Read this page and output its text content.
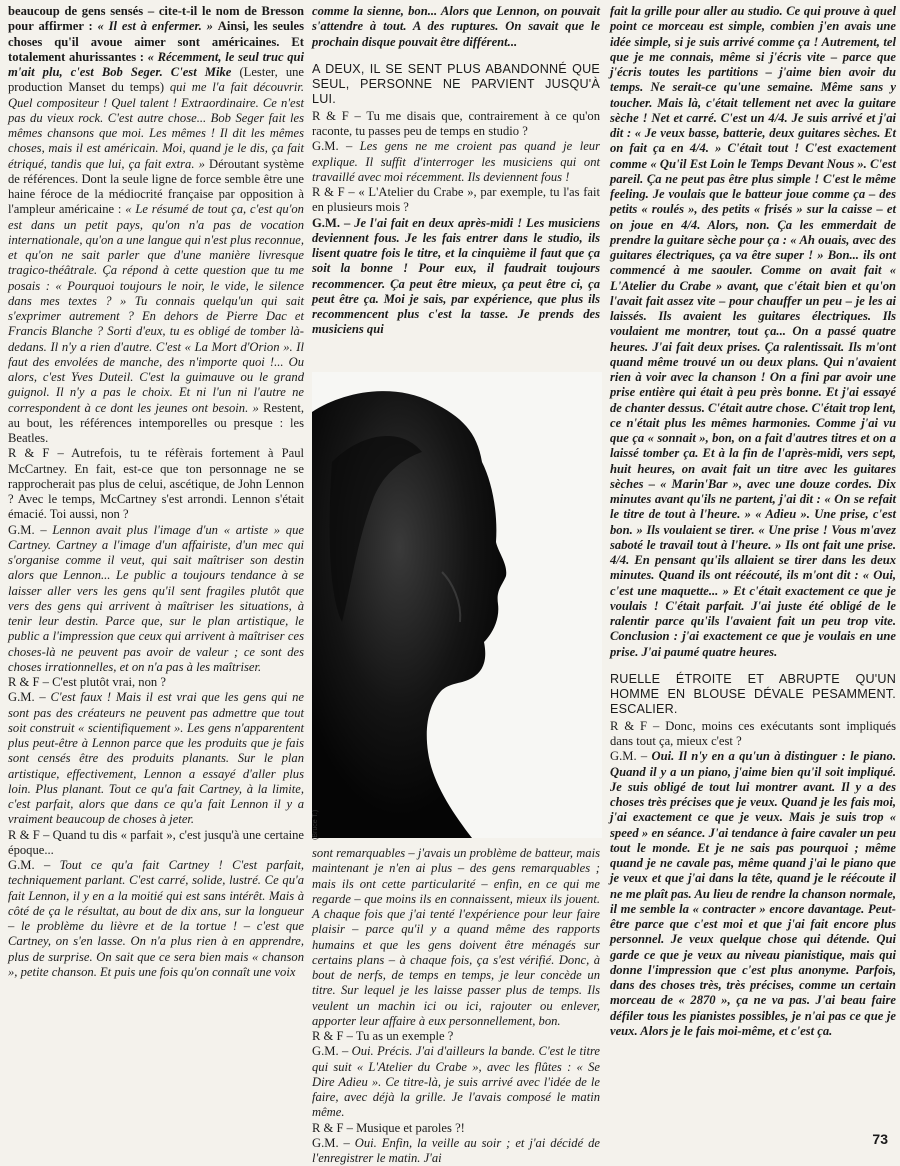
beaucoup de gens sensés – cite-t-il le nom de Bresson pour affirmer : « Il est à enfermer. » Ainsi, les seules choses qu'il avoue aimer sont américaines. Et totalement ahurissantes : « Récemment, le seul truc qui m'ait plu, c'est Bob Seger. C'est Mike (Lester, une production Manset du temps) qui me l'a fait découvrir. Quel compositeur ! Quel talent ! Extraordinaire. Ce n'est pas du vieux rock. C'est autre chose... Bob Seger fait les mêmes chansons que moi. Les mêmes ! Il dit les mêmes choses, mais il est américain. Moi, quand je le dis, ça fait étriqué, tandis que lui, ça fait extra. » Déroutant système de références. Dont la seule ligne de force semble être une haine féroce de la médiocrité française par opposition à l'ampleur américaine : « Le résumé de tout ça, c'est qu'on est dans un petit pays, qu'on n'a pas de vocation internationale, qu'on a une langue qui n'est plus reconnue, et qu'on ne sait parler que d'une manière livresque tragico-théâtrale. Ça répond à cette question que tu me posais : « Pourquoi toujours le noir, le vide, le silence dans mes textes ? » Tu connais quelqu'un qui sait s'exprimer autrement ? En dehors de Pierre Dac et Francis Blanche ? Sorti d'eux, tu es obligé de tomber là-dedans. Il n'y a rien d'autre. C'est « La Mort d'Orion ». Il faut des envolées de manche, des n'importe quoi !... Ou alors, c'est Yves Duteil. C'est la guimauve ou le grand guignol. Il n'y a pas le choix. Et ni l'un ni l'autre ne correspondent à ce dont les jeunes ont besoin. » Restent, au bout, les références intemporelles ou presque : les Beatles.
R & F – Autrefois, tu te réfèrais fortement à Paul McCartney. En fait, est-ce que ton personnage ne se rapprocherait pas plus de celui, ascétique, de John Lennon ? Avec le temps, McCartney s'est arrondi. Lennon s'était émacié. Toi aussi, non ?
G.M. – Lennon avait plus l'image d'un « artiste » que Cartney. Cartney a l'image d'un affairiste, d'un mec qui s'organise comme il veut, qui sait maîtriser son destin alors que Lennon... Le public a toujours tendance à se laisser aller vers les gens qu'il sent fragiles plutôt que vers des gens qui arrivent à maîtriser les situations, à tenir leur destin. Parce que, sur le plan artistique, le public a l'impression que ceux qui arrivent à maîtriser ces choses-là ne peuvent pas avoir de valeur ; ce sont des choses irrationnelles, et on n'a pas à les maîtriser.
R & F – C'est plutôt vrai, non ?
G.M. – C'est faux ! Mais il est vrai que les gens qui ne sont pas des créateurs ne peuvent pas admettre que tout soit construit « scientifiquement ». Les gens n'apparentent plus peut-être à Lennon parce que les produits que je fais sont censés être des produits planants. Sur le plan artistique, effectivement, Lennon a essayé d'aller plus loin. Plus planant. Tout ce qu'a fait Cartney, à la limite, c'est parfait, alors que dans ce qu'a fait Lennon il y a vraiment beaucoup de choses à jeter.
R & F – Quand tu dis « parfait », c'est jusqu'à une certaine époque...
G.M. – Tout ce qu'a fait Cartney ! C'est parfait, techniquement parlant. C'est carré, solide, lustré. Ce qu'a fait Lennon, il y en a la moitié qui est sans intérêt. Mais à côté de ça le résultat, au bout de dix ans, sur la longueur – le problème du lièvre et de la tortue ! – c'est que Cartney, on s'en lasse. On n'a plus rien à en apprendre, plus de surprise. On sait que ce sera bien mais « chanson », petite chanson. Et puis une fois qu'on connaît une voix

comme la sienne, bon... Alors que Lennon, on pouvait s'attendre à tout. A des ruptures. On savait que le prochain disque pouvait être différent...

A DEUX, IL SE SENT PLUS ABANDONNÉ QUE SEUL, PERSONNE NE PARVIENT JUSQU'À LUI.

R & F – Tu me disais que, contrairement à ce qu'on raconte, tu passes peu de temps en studio ?
G.M. – Les gens ne me croient pas quand je leur explique. Il suffit d'interroger les musiciens qui ont travaillé avec moi récemment. Ils deviennent fous !
R & F – « L'Atelier du Crabe », par exemple, tu l'as fait en plusieurs mois ?
G.M. – Je l'ai fait en deux après-midi ! Les musiciens deviennent fous. Je les fais entrer dans le studio, ils lisent quatre fois le titre, et la cinquième il faut que ça soit la bonne ! Pour eux, il faudrait toujours recommencer. Ça peut être mieux, ça peut être ci, ça peut être ça. Moi je sais, par expérience, que plus ils recommencent plus c'est la tasse. Je prends des musiciens qui

(Bruce T.)

sont remarquables – j'avais un problème de batteur, mais maintenant je n'en ai plus – des gens remarquables ; mais ils ont cette particularité – enfin, en ce qui me regarde – que moins ils en connaissent, mieux ils jouent. A chaque fois que j'ai tenté l'expérience pour leur faire plaisir – parce qu'il y a quand même des rapports humains et que les gens doivent être ménagés sur certains plans – à chaque fois, ça s'est vérifié. Donc, à bout de nerfs, de temps en temps, je leur concède un titre. Sur lequel je les laisse passer plus de temps. Ils veulent un machin ici ou ici, rajouter ou enlever, apporter leur affaire à eux personnellement, bon.
R & F – Tu as un exemple ?
G.M. – Oui. Précis. J'ai d'ailleurs la bande. C'est le titre qui suit « L'Atelier du Crabe », avec les flûtes : « Se Dire Adieu ». Ce titre-là, je suis arrivé avec l'idée de le faire, avec déjà la grille. Je l'avais composé le matin même.
R & F – Musique et paroles ?!
G.M. – Oui. Enfin, la veille au soir ; et j'ai décidé de l'enregistrer le matin. J'ai

fait la grille pour aller au studio. Ce qui prouve à quel point ce morceau est simple, combien j'en avais une idée simple, si je suis arrivé comme ça ! Autrement, tel que je me connais, même si j'écris vite – parce que j'écris toutes les partitions – j'aime bien avoir du temps. Ne serait-ce qu'une semaine. Même sans y toucher. Mais là, c'était tellement net avec la guitare sèche ! Net et carré. C'est un 4/4. Je suis arrivé et j'ai dit : « Je veux basse, batterie, deux guitares sèches. Et on fait ça en 4/4. » C'était tout ! C'est exactement comme « Qu'il Est Loin le Temps Devant Nous ». C'est pareil. Ça ne peut pas être plus simple ! C'est le même feeling. Je voulais que le batteur joue comme ça – des petits « roulés », des petits « frisés » sur la caisse – et on joue en 4/4. Alors, non. Ça les emmerdait de prendre la guitare sèche pour ça : « Ah ouais, avec des guitares électriques, ça va être super ! » Bon... ils ont commencé à me saouler. Comme on avait fait « L'Atelier du Crabe » avant, que c'était bien et qu'on l'avait fait assez vite – pour chauffer un peu – je les ai laissés. Ils avaient les guitares électriques. Ils voulaient me montrer, tout ça... On a passé quatre heures. J'ai fait deux prises. Ça ralentissait. Ils m'ont quand même trouvé un ou deux plans. Qui n'avaient rien à voir avec la chanson ! On a fini par avoir une prise entière qui était à peu près bonne. Et j'ai essayé de chanter dessus. C'était autre chose. C'était trop lent, ce n'était plus les mêmes harmonies. Comme j'ai vu que ça « sonnait », bon, on a fait d'autres titres et on a laissé tomber ça. Et à la fin de l'après-midi, vers sept, huit heures, on avait fait un titre avec les guitares sèches – « Marin'Bar », avec une douze cordes. Dix minutes avant qu'ils ne partent, j'ai dit : « On se refait le titre de tout à l'heure. » « Adieu ». Une prise, c'est bon. » Ils voulaient se tirer. « Une prise ! Vous m'avez saboté le travail tout à l'heure. » Ils ont fait une prise. 4/4. En pensant qu'ils allaient se tirer dans les deux minutes. Quand ils ont réécouté, ils m'ont dit : « Oui, c'est une maquette... » Et c'était exactement ce que je voulais ! C'était parfait. J'ai juste été obligé de le ralentir parce qu'ils l'avaient fait un peu trop vite. Conclusion : j'ai exactement ce que je voulais en une prise. J'ai paumé quatre heures.

RUELLE ÉTROITE ET ABRUPTE QU'UN HOMME EN BLOUSE DÉVALE PESAMMENT. ESCALIER.

R & F – Donc, moins ces exécutants sont impliqués dans tout ça, mieux c'est ?
G.M. – Oui. Il n'y en a qu'un à distinguer : le piano. Quand il y a un piano, j'aime bien qu'il soit impliqué. Je suis obligé de tout lui montrer avant. Il y a des choses très précises que je veux. Quand je les fais moi, j'ai exactement ce que je veux. Mais je suis trop « speed » en séance. J'ai tendance à faire cavaler un peu tout le monde. Et je ne sais pas pourquoi ; même quand je ne cavale pas, même quand j'ai le piano que je veux et que j'ai dans la tête, quand je le réécoute il ne me plaît pas. Au lieu de rendre la chanson normale, il me semble la « contracter » encore davantage. Peut-être parce que c'est moi et que j'ai fait encore plus personnel. Je veux quelque chose qui détende. Qui garde ce que je veux au niveau pianistique, mais qui donne l'impression que c'est plus anonyme. Parfois, dans des choses très, très précises, comme un certain morceau de « 2870 », ça ne va pas. J'ai beau faire défiler tous les pianistes possibles, je n'ai pas ce que je veux. Alors je le fais moi-même, et c'est ça.

73
